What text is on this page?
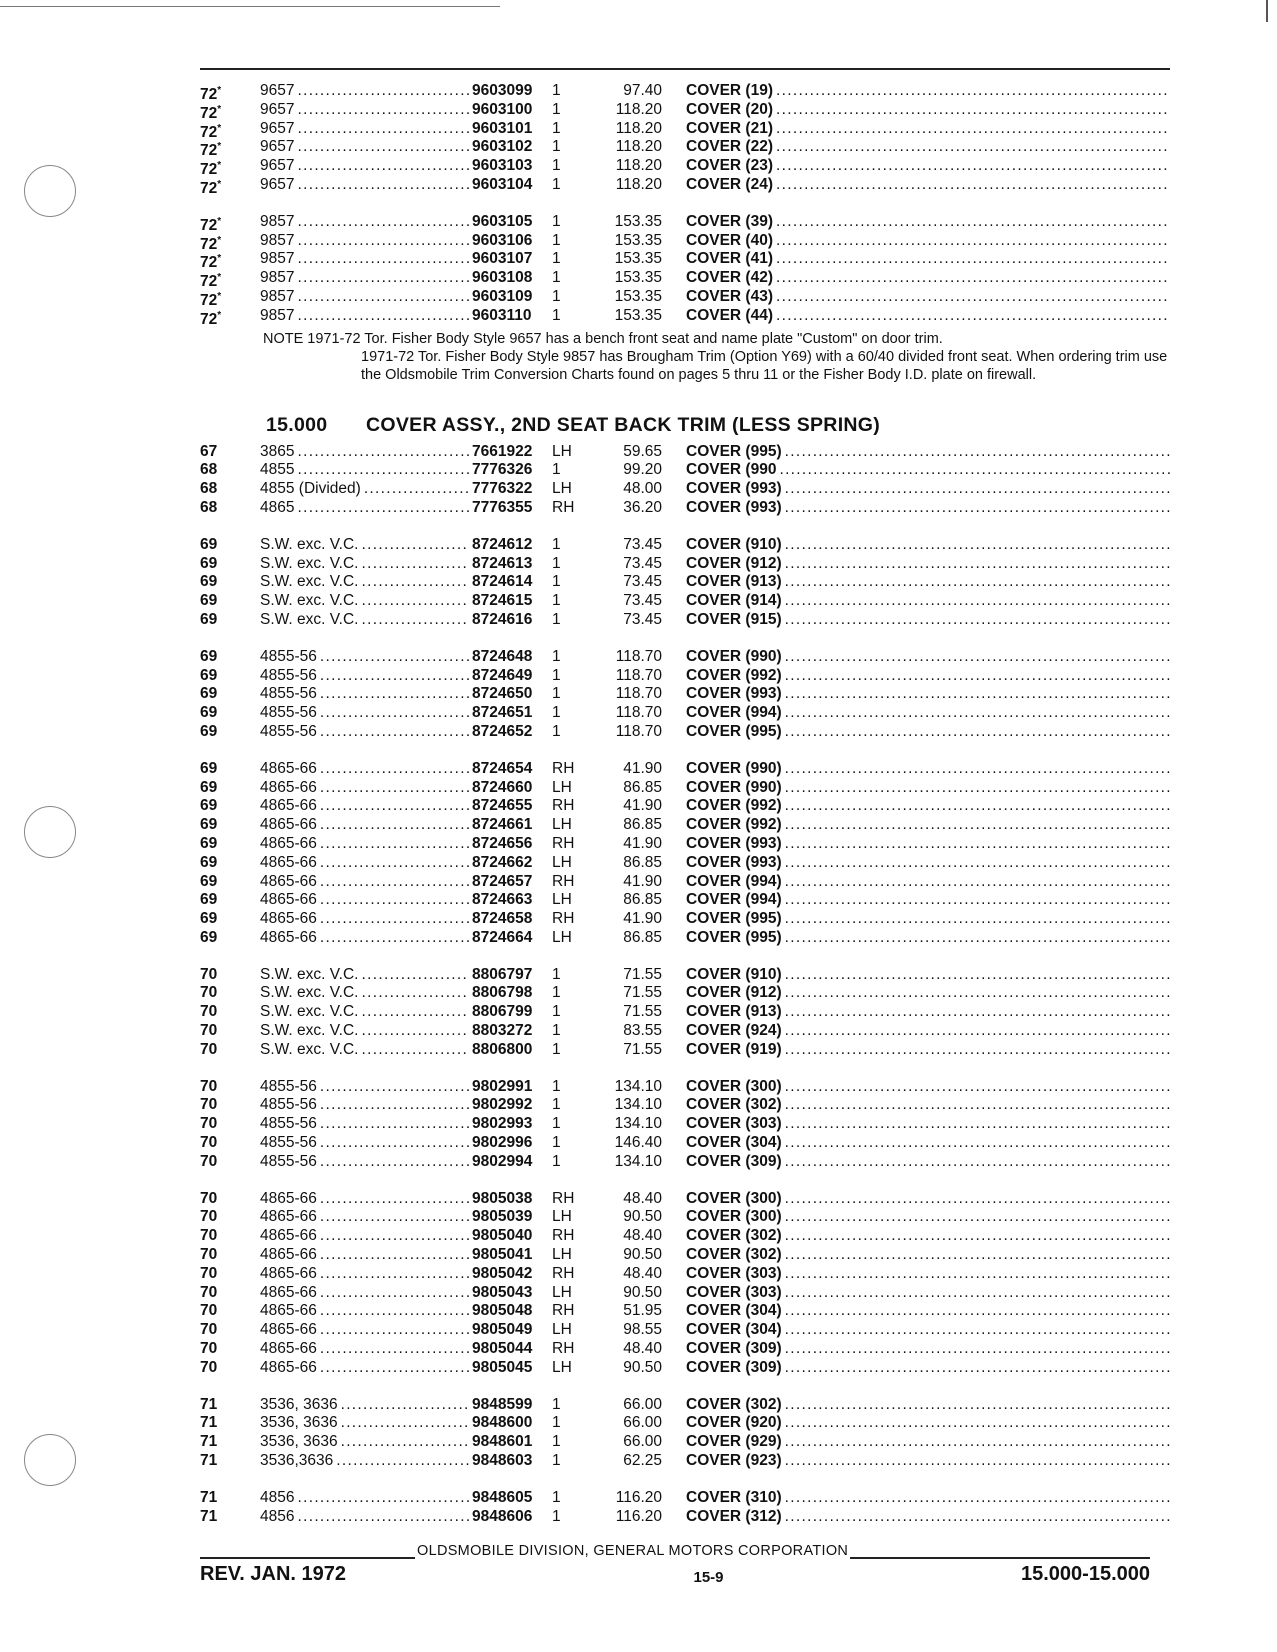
72*	9657 . . .	9603099	1	97.40	COVER (19)
. . .
72*	9657 . . .	9603100	1	118.20	COVER (20)
. . .
72*	9657 . . .	9603101	1	118.20	COVER (21)
. . .
72*	9657 . . .	9603102	1	118.20	COVER (22)
. . .
72*	9657 . . .	9603103	1	118.20	COVER (23)
. . .
72*	9657 . . .	9603104	1	118.20	COVER (24)
. . .
72*	9857 . . .	9603105	1	153.35	COVER (39)
. . .
72*	9857 . . .	9603106	1	153.35	COVER (40)
. . .
72*	9857 . . .	9603107	1	153.35	COVER (41)
. . .
72*	9857 . . .	9603108	1	153.35	COVER (42)
. . .
72*	9857 . . .	9603109	1	153.35	COVER (43)
. . .
72*	9857 . . .	9603110	1	153.35	COVER (44)
. . .
NOTE 1971-72 Tor. Fisher Body Style 9657 has a bench front seat and name plate "Custom" on door trim.
1971-72 Tor. Fisher Body Style 9857 has Brougham Trim (Option Y69) with a 60/40 divided front seat. When ordering trim use the Oldsmobile Trim Conversion Charts found on pages 5 thru 11 or the Fisher Body I.D. plate on firewall.
15.000 COVER ASSY., 2ND SEAT BACK TRIM (LESS SPRING)
67	3865 . . .	7661922	LH	59.65	COVER (995)
. . .
68	4855 . . .	7776326	1	99.20	COVER (990
. . .
68	4855 (Divided) . . .	7776322	LH	48.00	COVER (993)
. . .
68	4865 . . .	7776355	RH	36.20	COVER (993)
. . .
69	S.W. exc. V.C. . . .	8724612	1	73.45	COVER (910)
. . .
69	S.W. exc. V.C. . . .	8724613	1	73.45	COVER (912)
. . .
69	S.W. exc. V.C. . . .	8724614	1	73.45	COVER (913)
. . .
69	S.W. exc. V.C. . . .	8724615	1	73.45	COVER (914)
. . .
69	S.W. exc. V.C. . . .	8724616	1	73.45	COVER (915)
. . .
69	4855-56 . . .	8724648	1	118.70	COVER (990)
. . .
69	4855-56 . . .	8724649	1	118.70	COVER (992)
. . .
69	4855-56 . . .	8724650	1	118.70	COVER (993)
. . .
69	4855-56 . . .	8724651	1	118.70	COVER (994)
. . .
69	4855-56 . . .	8724652	1	118.70	COVER (995)
. . .
69	4865-66 . . .	8724654	RH	41.90	COVER (990)
. . .
69	4865-66 . . .	8724660	LH	86.85	COVER (990)
. . .
69	4865-66 . . .	8724655	RH	41.90	COVER (992)
. . .
69	4865-66 . . .	8724661	LH	86.85	COVER (992)
. . .
69	4865-66 . . .	8724656	RH	41.90	COVER (993)
. . .
69	4865-66 . . .	8724662	LH	86.85	COVER (993)
. . .
69	4865-66 . . .	8724657	RH	41.90	COVER (994)
. . .
69	4865-66 . . .	8724663	LH	86.85	COVER (994)
. . .
69	4865-66 . . .	8724658	RH	41.90	COVER (995)
. . .
69	4865-66 . . .	8724664	LH	86.85	COVER (995)
. . .
70	S.W. exc. V.C. . . .	8806797	1	71.55	COVER (910)
. . .
70	S.W. exc. V.C. . . .	8806798	1	71.55	COVER (912)
. . .
70	S.W. exc. V.C. . . .	8806799	1	71.55	COVER (913)
. . .
70	S.W. exc. V.C. . . .	8803272	1	83.55	COVER (924)
. . .
70	S.W. exc. V.C. . . .	8806800	1	71.55	COVER (919)
. . .
70	4855-56 . . .	9802991	1	134.10	COVER (300)
. . .
70	4855-56 . . .	9802992	1	134.10	COVER (302)
. . .
70	4855-56 . . .	9802993	1	134.10	COVER (303)
. . .
70	4855-56 . . .	9802996	1	146.40	COVER (304)
. . .
70	4855-56 . . .	9802994	1	134.10	COVER (309)
. . .
70	4865-66 . . .	9805038	RH	48.40	COVER (300)
. . .
70	4865-66 . . .	9805039	LH	90.50	COVER (300)
. . .
70	4865-66 . . .	9805040	RH	48.40	COVER (302)
. . .
70	4865-66 . . .	9805041	LH	90.50	COVER (302)
. . .
70	4865-66 . . .	9805042	RH	48.40	COVER (303)
. . .
70	4865-66 . . .	9805043	LH	90.50	COVER (303)
. . .
70	4865-66 . . .	9805048	RH	51.95	COVER (304)
. . .
70	4865-66 . . .	9805049	LH	98.55	COVER (304)
. . .
70	4865-66 . . .	9805044	RH	48.40	COVER (309)
. . .
70	4865-66 . . .	9805045	LH	90.50	COVER (309)
. . .
71	3536, 3636 . . .	9848599	1	66.00	COVER (302)
. . .
71	3536, 3636 . . .	9848600	1	66.00	COVER (920)
. . .
71	3536, 3636 . . .	9848601	1	66.00	COVER (929)
. . .
71	3536,3636 . . .	9848603	1	62.25	COVER (923)
. . .
71	4856 . . .	9848605	1	116.20	COVER (310)
. . .
71	4856 . . .	9848606	1	116.20	COVER (312)
. . .
OLDSMOBILE DIVISION, GENERAL MOTORS CORPORATION
REV. JAN. 1972	15-9	15.000-15.000
